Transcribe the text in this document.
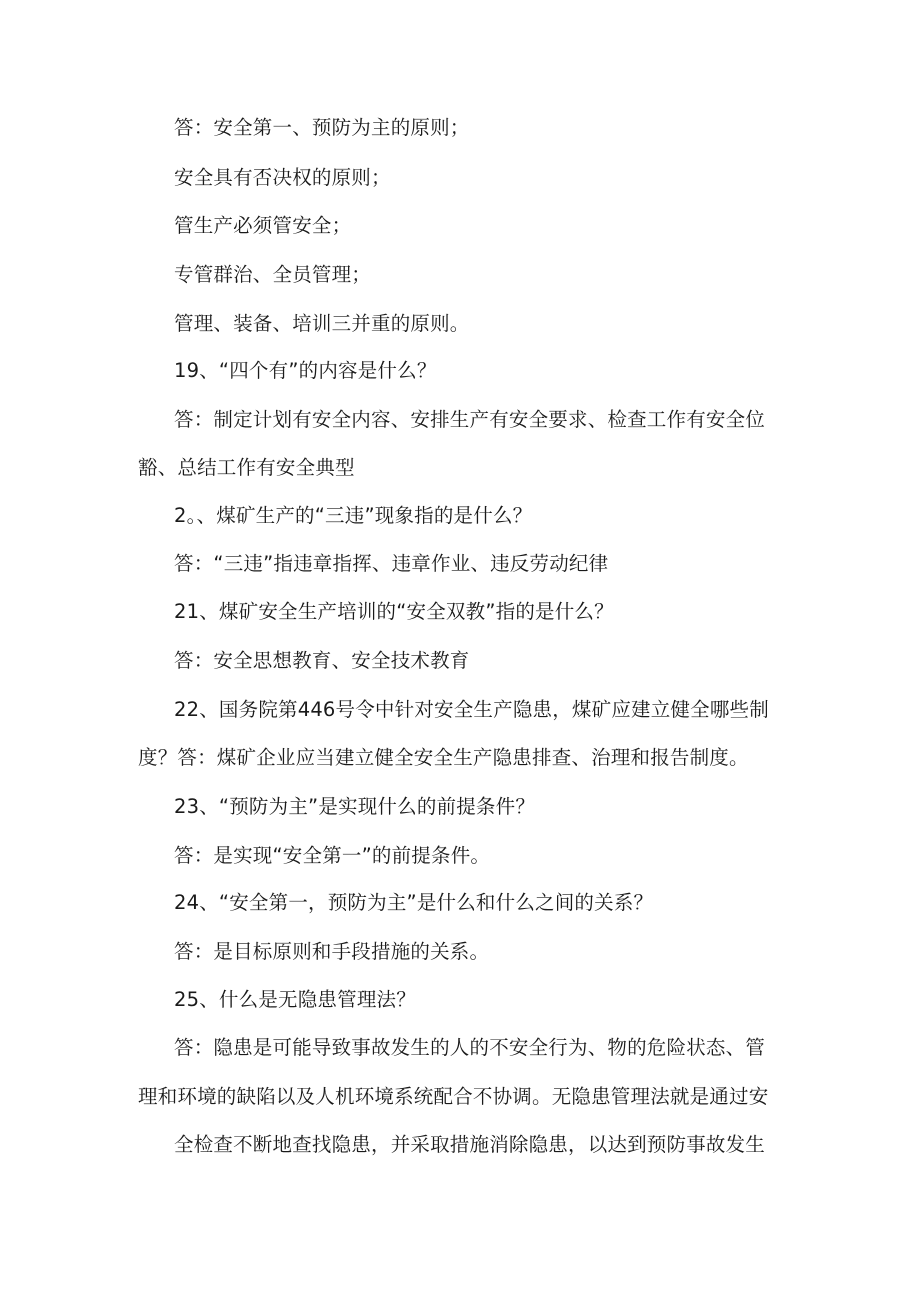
答：安全第一、预防为主的原则；
安全具有否决权的原则；
管生产必须管安全；
专管群治、全员管理；
管理、装备、培训三并重的原则。
19、“四个有”的内容是什么？
答：制定计划有安全内容、安排生产有安全要求、检查工作有安全位
豁、总结工作有安全典型
2。、煤矿生产的“三违”现象指的是什么？
答：“三违”指违章指挥、违章作业、违反劳动纪律
21、煤矿安全生产培训的“安全双教”指的是什么？
答：安全思想教育、安全技术教育
22、国务院第446号令中针对安全生产隐患，煤矿应建立健全哪些制
度？答：煤矿企业应当建立健全安全生产隐患排查、治理和报告制度。
23、“预防为主”是实现什么的前提条件？
答：是实现“安全第一”的前提条件。
24、“安全第一，预防为主”是什么和什么之间的关系？
答：是目标原则和手段措施的关系。
25、什么是无隐患管理法？
答：隐患是可能导致事故发生的人的不安全行为、物的危险状态、管
理和环境的缺陷以及人机环境系统配合不协调。无隐患管理法就是通过安
全检查不断地查找隐患，并采取措施消除隐患，以达到预防事故发生
